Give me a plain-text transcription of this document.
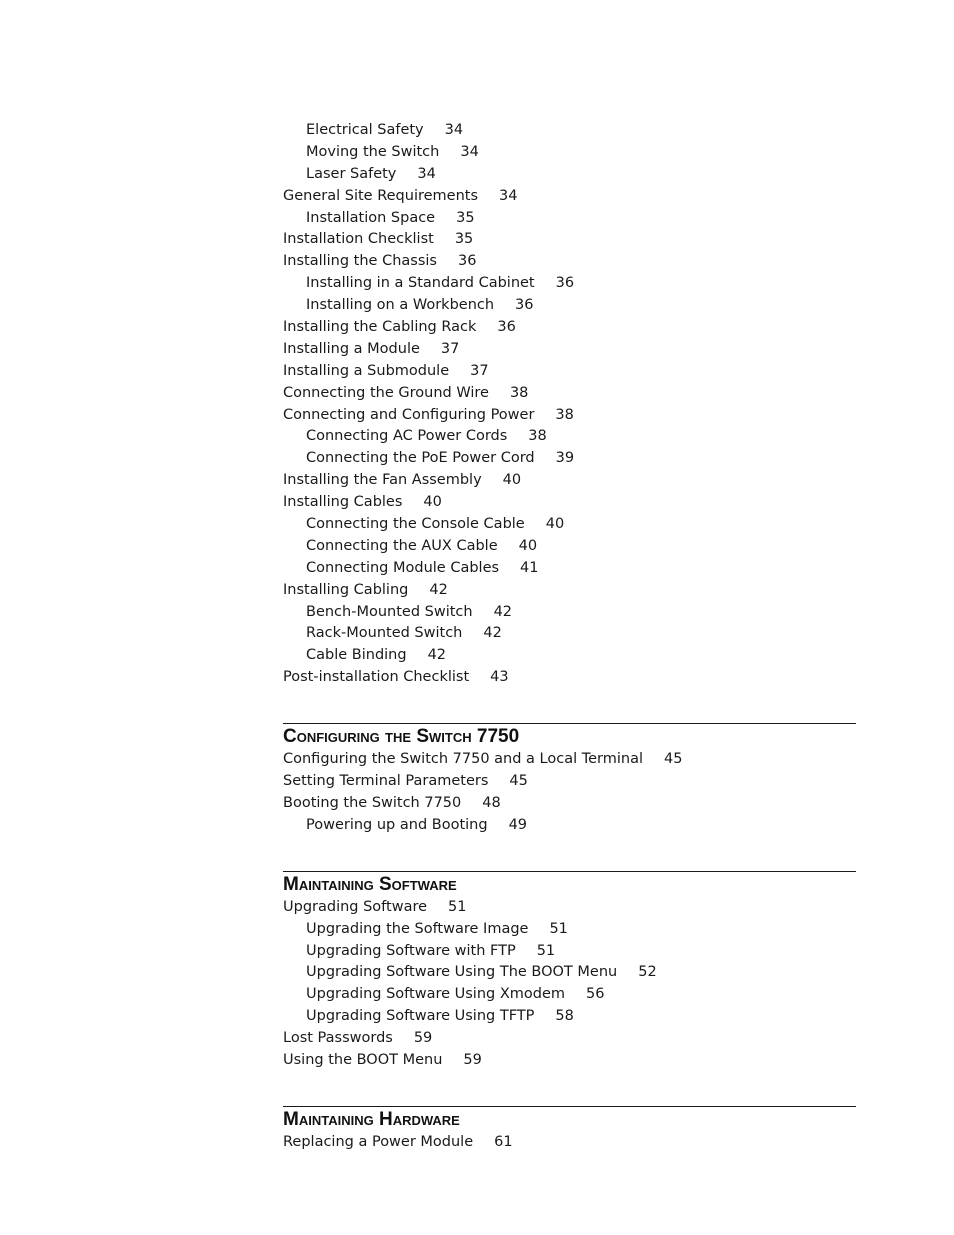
Electrical Safety 34
Moving the Switch 34
Laser Safety 34
General Site Requirements 34
Installation Space 35
Installation Checklist 35
Installing the Chassis 36
Installing in a Standard Cabinet 36
Installing on a Workbench 36
Installing the Cabling Rack 36
Installing a Module 37
Installing a Submodule 37
Connecting the Ground Wire 38
Connecting and Configuring Power 38
Connecting AC Power Cords 38
Connecting the PoE Power Cord 39
Installing the Fan Assembly 40
Installing Cables 40
Connecting the Console Cable 40
Connecting the AUX Cable 40
Connecting Module Cables 41
Installing Cabling 42
Bench-Mounted Switch 42
Rack-Mounted Switch 42
Cable Binding 42
Post-installation Checklist 43
Configuring the Switch 7750
Configuring the Switch 7750 and a Local Terminal 45
Setting Terminal Parameters 45
Booting the Switch 7750 48
Powering up and Booting 49
Maintaining Software
Upgrading Software 51
Upgrading the Software Image 51
Upgrading Software with FTP 51
Upgrading Software Using The BOOT Menu 52
Upgrading Software Using Xmodem 56
Upgrading Software Using TFTP 58
Lost Passwords 59
Using the BOOT Menu 59
Maintaining Hardware
Replacing a Power Module 61
